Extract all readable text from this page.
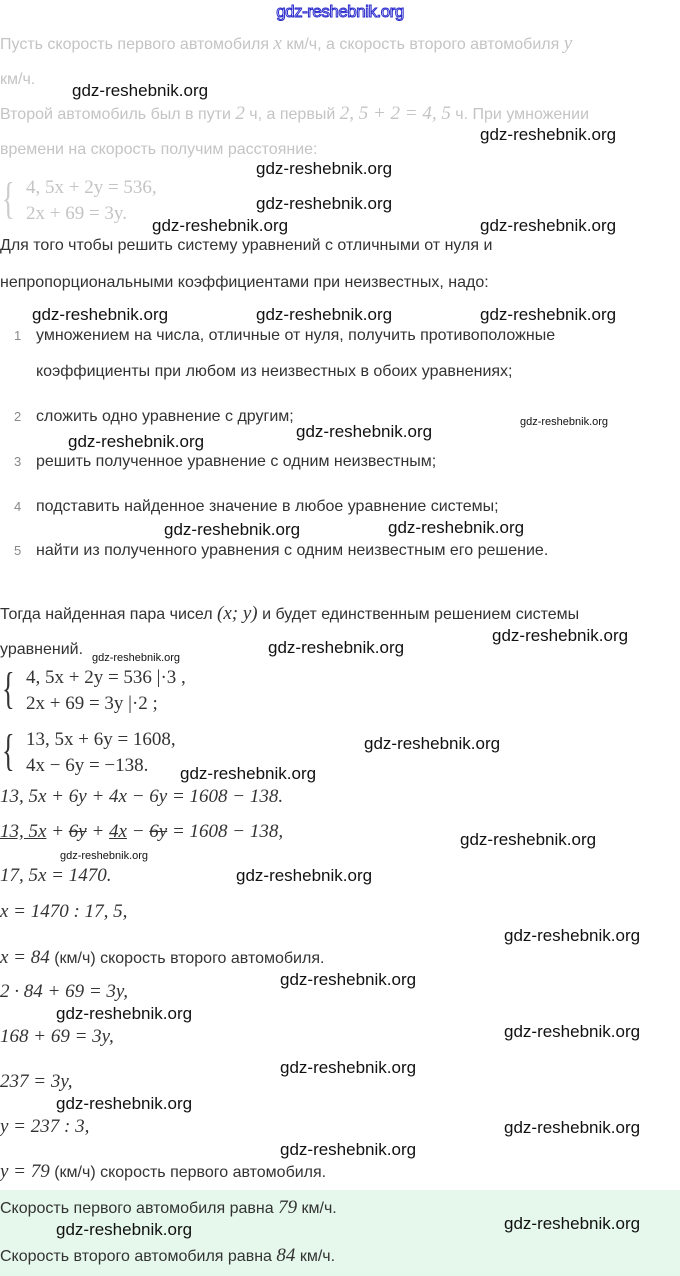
gdz-reshebnik.org
Пусть скорость первого автомобиля x км/ч, а скорость второго автомобиля y
км/ч.
Второй автомобиль был в пути 2 ч, а первый 2, 5 + 2 = 4, 5 ч. При умножении
времени на скорость получим расстояние:
{ 4, 5x + 2y = 536,
2x + 69 = 3y.
Для того чтобы решить систему уравнений с отличными от нуля и
непропорциональными коэффициентами при неизвестных, надо:
1 умножением на числа, отличные от нуля, получить противоположные
коэффициенты при любом из неизвестных в обоих уравнениях;
2 сложить одно уравнение с другим;
3 решить полученное уравнение с одним неизвестным;
4 подставить найденное значение в любое уравнение системы;
5 найти из полученного уравнения с одним неизвестным его решение.
Тогда найденная пара чисел (x; y) и будет единственным решением системы
уравнений.
{ 4, 5x + 2y = 536 |·3 ,
2x + 69 = 3y |·2 ;
{ 13, 5x + 6y = 1608,
4x − 6y = −138.
13, 5x + 6y + 4x − 6y = 1608 − 138.
13, 5x + 6y + 4x − 6y = 1608 − 138,
17, 5x = 1470.
x = 1470 : 17, 5,
x = 84 (км/ч) скорость второго автомобиля.
2 · 84 + 69 = 3y,
168 + 69 = 3y,
237 = 3y,
y = 237 : 3,
y = 79 (км/ч) скорость первого автомобиля.
Скорость первого автомобиля равна 79 км/ч.
Скорость второго автомобиля равна 84 км/ч.
gdz-reshebnik.org
gdz-reshebnik.org
gdz-reshebnik.org
gdz-reshebnik.org
gdz-reshebnik.org
gdz-reshebnik.org
gdz-reshebnik.org	gdz-reshebnik.org	gdz-reshebnik.org
gdz-reshebnik.org
gdz-reshebnik.org
gdz-reshebnik.org
gdz-reshebnik.org	gdz-reshebnik.org
gdz-reshebnik.org
gdz-reshebnik.org
gdz-reshebnik.org
gdz-reshebnik.org
gdz-reshebnik.org
gdz-reshebnik.org
gdz-reshebnik.org
gdz-reshebnik.org
gdz-reshebnik.org
gdz-reshebnik.org
gdz-reshebnik.org
gdz-reshebnik.org
gdz-reshebnik.org
gdz-reshebnik.org
gdz-reshebnik.org
gdz-reshebnik.org
gdz-reshebnik.org	gdz-reshebnik.org
